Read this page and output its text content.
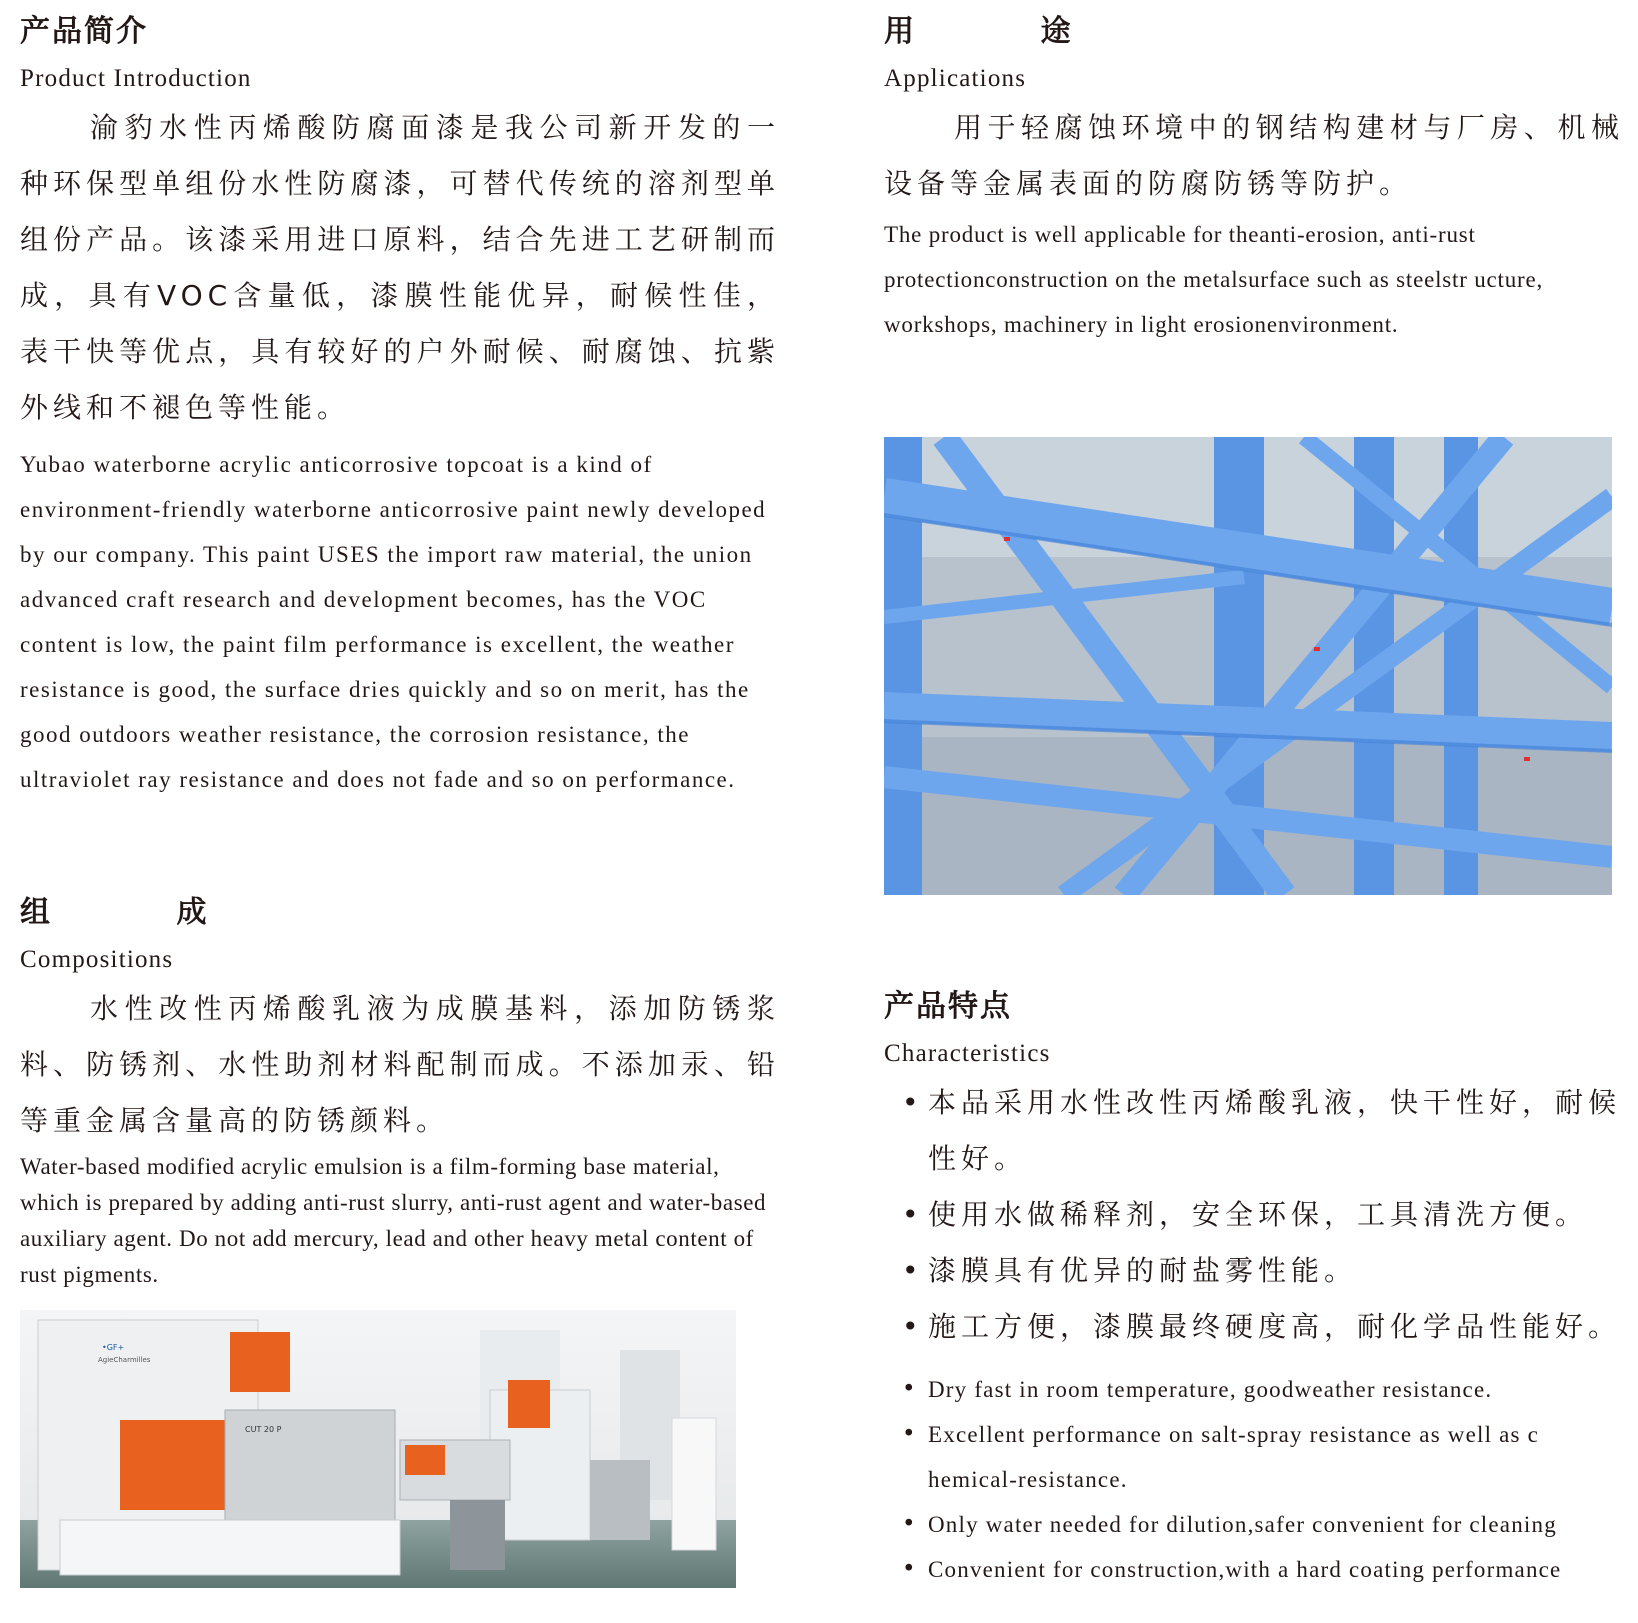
产品简介
Product Introduction

渝豹水性丙烯酸防腐面漆是我公司新开发的一种环保型单组份水性防腐漆，可替代传统的溶剂型单组份产品。该漆采用进口原料，结合先进工艺研制而成，具有VOC含量低，漆膜性能优异，耐候性佳，表干快等优点，具有较好的户外耐候、耐腐蚀、抗紫外线和不褪色等性能。

Yubao waterborne acrylic anticorrosive topcoat is a kind of environment-friendly waterborne anticorrosive paint newly developed by our company. This paint USES the import raw material, the union advanced craft research and development becomes, has the VOC content is low, the paint film performance is excellent, the weather resistance is good, the surface dries quickly and so on merit, has the good outdoors weather resistance, the corrosion resistance, the ultraviolet ray resistance and does not fade and so on performance.

组          成
Compositions

水性改性丙烯酸乳液为成膜基料，添加防锈浆料、防锈剂、水性助剂材料配制而成。不添加汞、铅等重金属含量高的防锈颜料。

Water-based modified acrylic emulsion is a film-forming base material, which is prepared by adding anti-rust slurry, anti-rust agent and water-based auxiliary agent. Do not add mercury, lead and other heavy metal content of rust pigments.

CUT 20 P
•GF+
AgieCharmilles
用          途
Applications

用于轻腐蚀环境中的钢结构建材与厂房、机械设备等金属表面的防腐防锈等防护。

The product is well applicable for theanti-erosion, anti-rust protectionconstruction on the metalsurface such as steelstr ucture, workshops, machinery in light erosionenvironment.

产品特点
Characteristics
• 本品采用水性改性丙烯酸乳液，快干性好，耐候性好。
• 使用水做稀释剂，安全环保，工具清洗方便。
• 漆膜具有优异的耐盐雾性能。
• 施工方便，漆膜最终硬度高，耐化学品性能好。
• Dry fast in room temperature, goodweather resistance.
• Excellent performance on salt-spray resistance as well as c hemical-resistance.
• Only water needed for dilution,safer convenient for cleaning
• Convenient for construction,with a hard coating performance
